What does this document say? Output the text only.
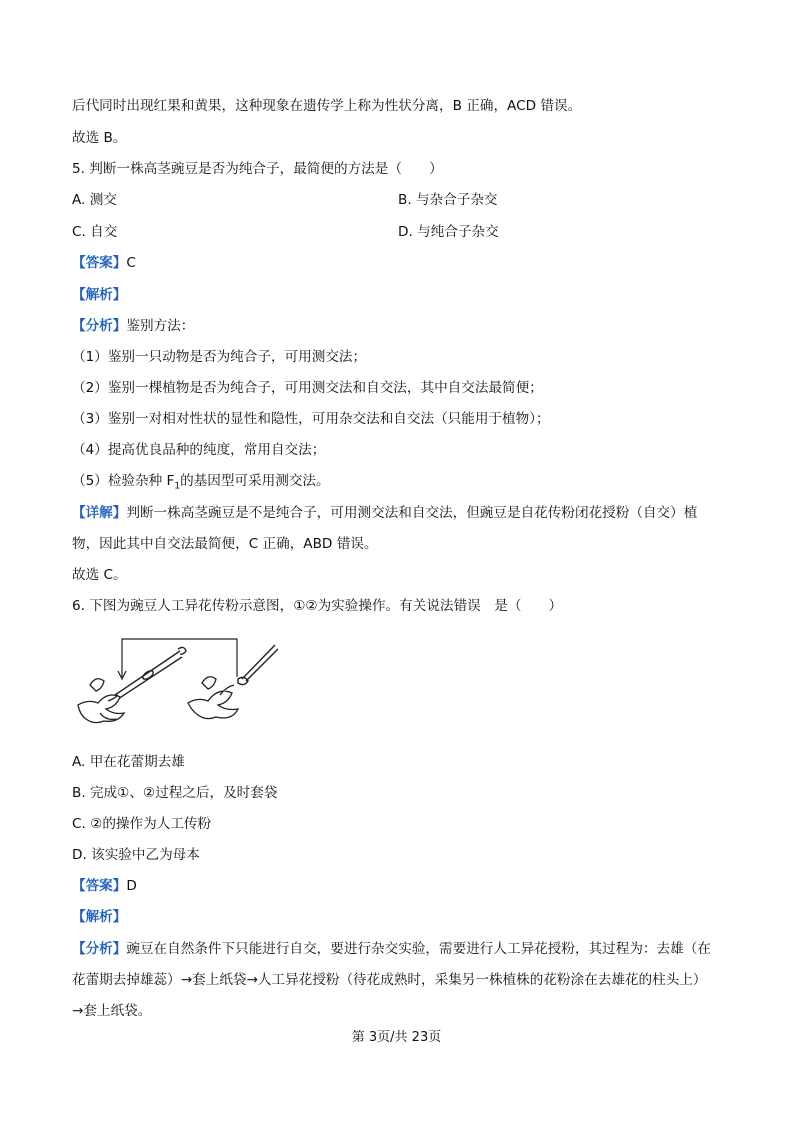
后代同时出现红果和黄果，这种现象在遗传学上称为性状分离，B 正确，ACD 错误。
故选 B。
5. 判断一株高茎豌豆是否为纯合子，最简便的方法是（　　）
A. 测交	B. 与杂合子杂交
C. 自交	D. 与纯合子杂交
【答案】C
【解析】
【分析】鉴别方法：
（1）鉴别一只动物是否为纯合子，可用测交法；
（2）鉴别一棵植物是否为纯合子，可用测交法和自交法，其中自交法最简便；
（3）鉴别一对相对性状的显性和隐性，可用杂交法和自交法（只能用于植物）；
（4）提高优良品种的纯度，常用自交法；
（5）检验杂种 $F_1$的基因型可采用测交法。
【详解】判断一株高茎豌豆是不是纯合子，可用测交法和自交法，但豌豆是自花传粉闭花授粉（自交）植
物，因此其中自交法最简便，C 正确，ABD 错误。
故选 C。
6. 下图为豌豆人工异花传粉示意图，①②为实验操作。有关说法错误　是（　　）
A. 甲在花蕾期去雄
B. 完成①、②过程之后，及时套袋
C. ②的操作为人工传粉
D. 该实验中乙为母本
【答案】D
【解析】
【分析】豌豆在自然条件下只能进行自交，要进行杂交实验，需要进行人工异花授粉，其过程为：去雄（在
花蕾期去掉雄蕊）→套上纸袋→人工异花授粉（待花成熟时，采集另一株植株的花粉涂在去雄花的柱头上）
→套上纸袋。
第 3页/共 23页
